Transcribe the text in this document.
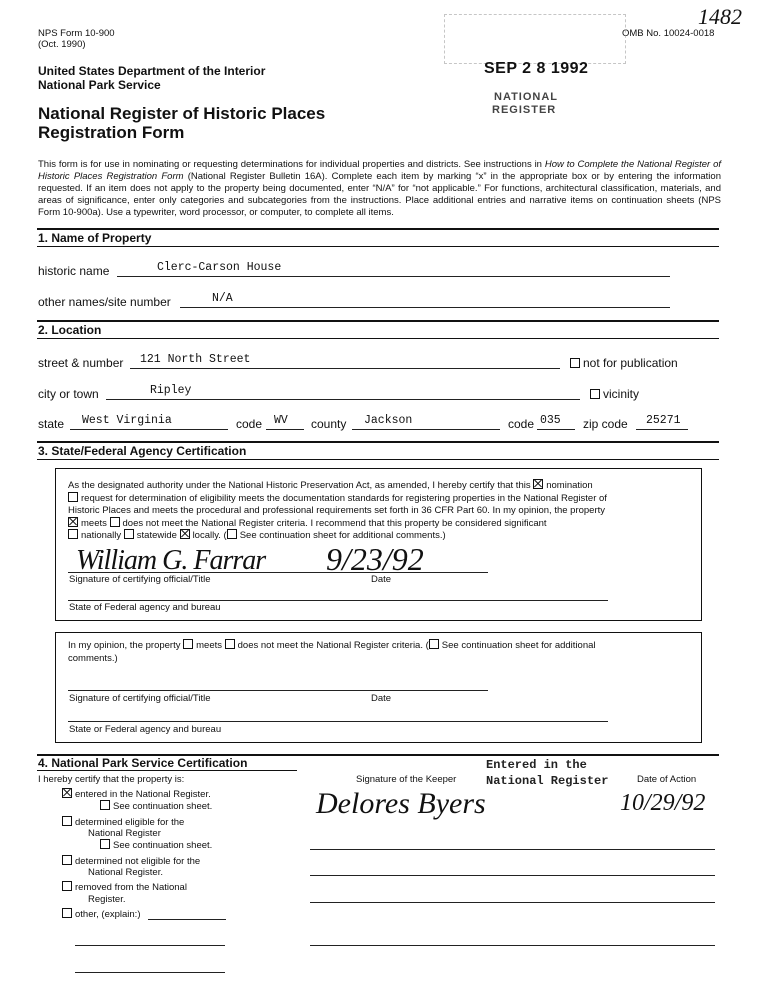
NPS Form 10-900
(Oct. 1990)
OMB No. 10024-0018
1482
SEP 2 8 1992
NATIONAL
REGISTER
United States Department of the Interior
National Park Service
National Register of Historic Places
Registration Form
This form is for use in nominating or requesting determinations for individual properties and districts. See instructions in How to Complete the National Register of Historic Places Registration Form (National Register Bulletin 16A). Complete each item by marking “x” in the appropriate box or by entering the information requested. If an item does not apply to the property being documented, enter “N/A” for “not applicable.” For functions, architectural classification, materials, and areas of significance, enter only categories and subcategories from the instructions. Place additional entries and narrative items on continuation sheets (NPS Form 10-900a). Use a typewriter, word processor, or computer, to complete all items.
1. Name of Property
historic name	Clerc-Carson House
other names/site number	N/A
2. Location
street & number 121 North Street	not for publication
city or town	Ripley	vicinity
state West Virginia	code WV county Jackson	code 035 zip code 25271
3. State/Federal Agency Certification

As the designated authority under the National Historic Preservation Act, as amended, I hereby certify that this nomination

request for determination of eligibility meets the documentation standards for registering properties in the National Register of

Historic Places and meets the procedural and professional requirements set forth in 36 CFR Part 60. In my opinion, the property

meets does not meet the National Register criteria. I recommend that this property be considered significant

nationally statewide locally. ( See continuation sheet for additional comments.)

William G. Farrar 9/23/92
Signature of certifying official/Title	Date
State of Federal agency and bureau

In my opinion, the property meets does not meet the National Register criteria. ( See continuation sheet for additional

comments.)

Signature of certifying official/Title	Date
State or Federal agency and bureau
4. National Park Service Certification	Entered in the
National Register
I hereby certify that the property is:	Signature of the Keeper	Date of Action
Delores Byers	10/29/92
entered in the National Register.
See continuation sheet.
determined eligible for the
National Register
See continuation sheet.
determined not eligible for the
National Register.
removed from the National
Register.
other, (explain:)
